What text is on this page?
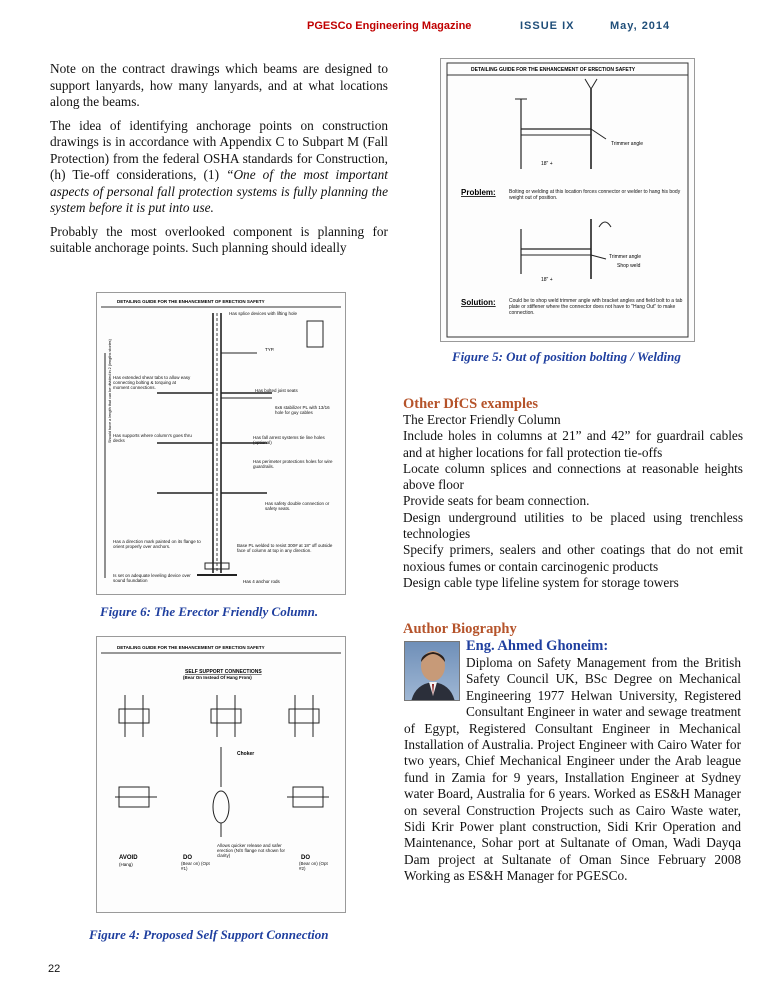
PGESCo Engineering Magazine	ISSUE IX	May, 2014

Note on the contract drawings which beams are designed to support lanyards, how many lanyards, and at what locations along the beams.

The idea of identifying anchorage points on construction drawings is in accordance with Appendix C to Subpart M (Fall Protection) from the federal OSHA standards for Construction, (h) Tie-off considerations, (1) “One of the most important aspects of personal fall protection systems is fully planning the system before it is put into use.

Probably the most overlooked component is planning for suitable anchorage points. Such planning should ideally

DETAILING GUIDE FOR THE ENHANCEMENT OF ERECTION SAFETY
Trimmer angle
18" +
Problem:	Bolting or welding at this location forces connector or welder to hang his body weight out of position.
Trimmer angle
Shop weld
18" +
Solution:	Could be to shop weld trimmer angle with bracket angles and field bolt to a tab plate or stiffener where the connector does not have to "Hang Out" to make connection.
Figure 5: Out of position bolting / Welding
DETAILING GUIDE FOR THE ENHANCEMENT OF ERECTION SAFETY
Should have a length that can be divided in 2 (lengths stories)
Has splice devices with lifting hole
TYP.
Has extended shear tabs to allow easy connecting bolting & torquing at moment connections.
Has bolted joist seats
6x6 stabilizer PL with 13/16 hole for guy cables
Has supports where column's goes thru decks
Has fall arrest systems tie line holes (optional)
Has perimeter protections holes for wire guardrails.
Has safety double connection or safety seats.
Has a direction mark painted on its flange to orient properly over anchors.	Base PL welded to resist 300# at 18" off outside face of column at top in any direction.
Is set on adequate leveling device over sound foundation	Has 4 anchor rods
Figure 6: The Erector Friendly Column.
DETAILING GUIDE FOR THE ENHANCEMENT OF ERECTION SAFETY
SELF SUPPORT CONNECTIONS
(Bear On Instead Of Hang From)
Choker
Allows quicker release and safer erection (N/S flange not shown for clarity)
AVOID
(Hang)
DO
(Bear on) (Opt #1)
DO
(Bear on) (Opt #2)
Figure 4: Proposed Self Support Connection
Other DfCS examples
The Erector Friendly Column
Include holes in columns at 21” and 42” for guardrail cables and at higher locations for fall protection tie-offs
Locate column splices and connections at reasonable heights above floor
Provide seats for beam connection.
Design underground utilities to be placed using trenchless technologies
Specify primers, sealers and other coatings that do not emit noxious fumes or contain carcinogenic products
Design cable type lifeline system for storage towers
Author Biography
Eng. Ahmed Ghoneim:
Diploma on Safety Management from the British Safety Council UK, BSc Degree on Mechanical Engineering 1977 Helwan University, Registered Consultant Engineer in water and sewage treatment of Egypt, Registered Consultant Engineer in Mechanical Installation of Australia. Project Engineer with Cairo Water for two years, Chief Mechanical Engineer under the Arab league fund in Zamia for 9 years, Installation Engineer at Sydney water Board, Australia for 6 years. Worked as ES&H Manager on several Construction Projects such as Cairo Waste water, Sidi Krir Power plant construction, Sidi Krir Operation and Maintenance, Sohar port at Sultanate of Oman, Wadi Dayqa Dam project at Sultanate of Oman Since February 2008 Working as ES&H Manager for PGESCo.
22
